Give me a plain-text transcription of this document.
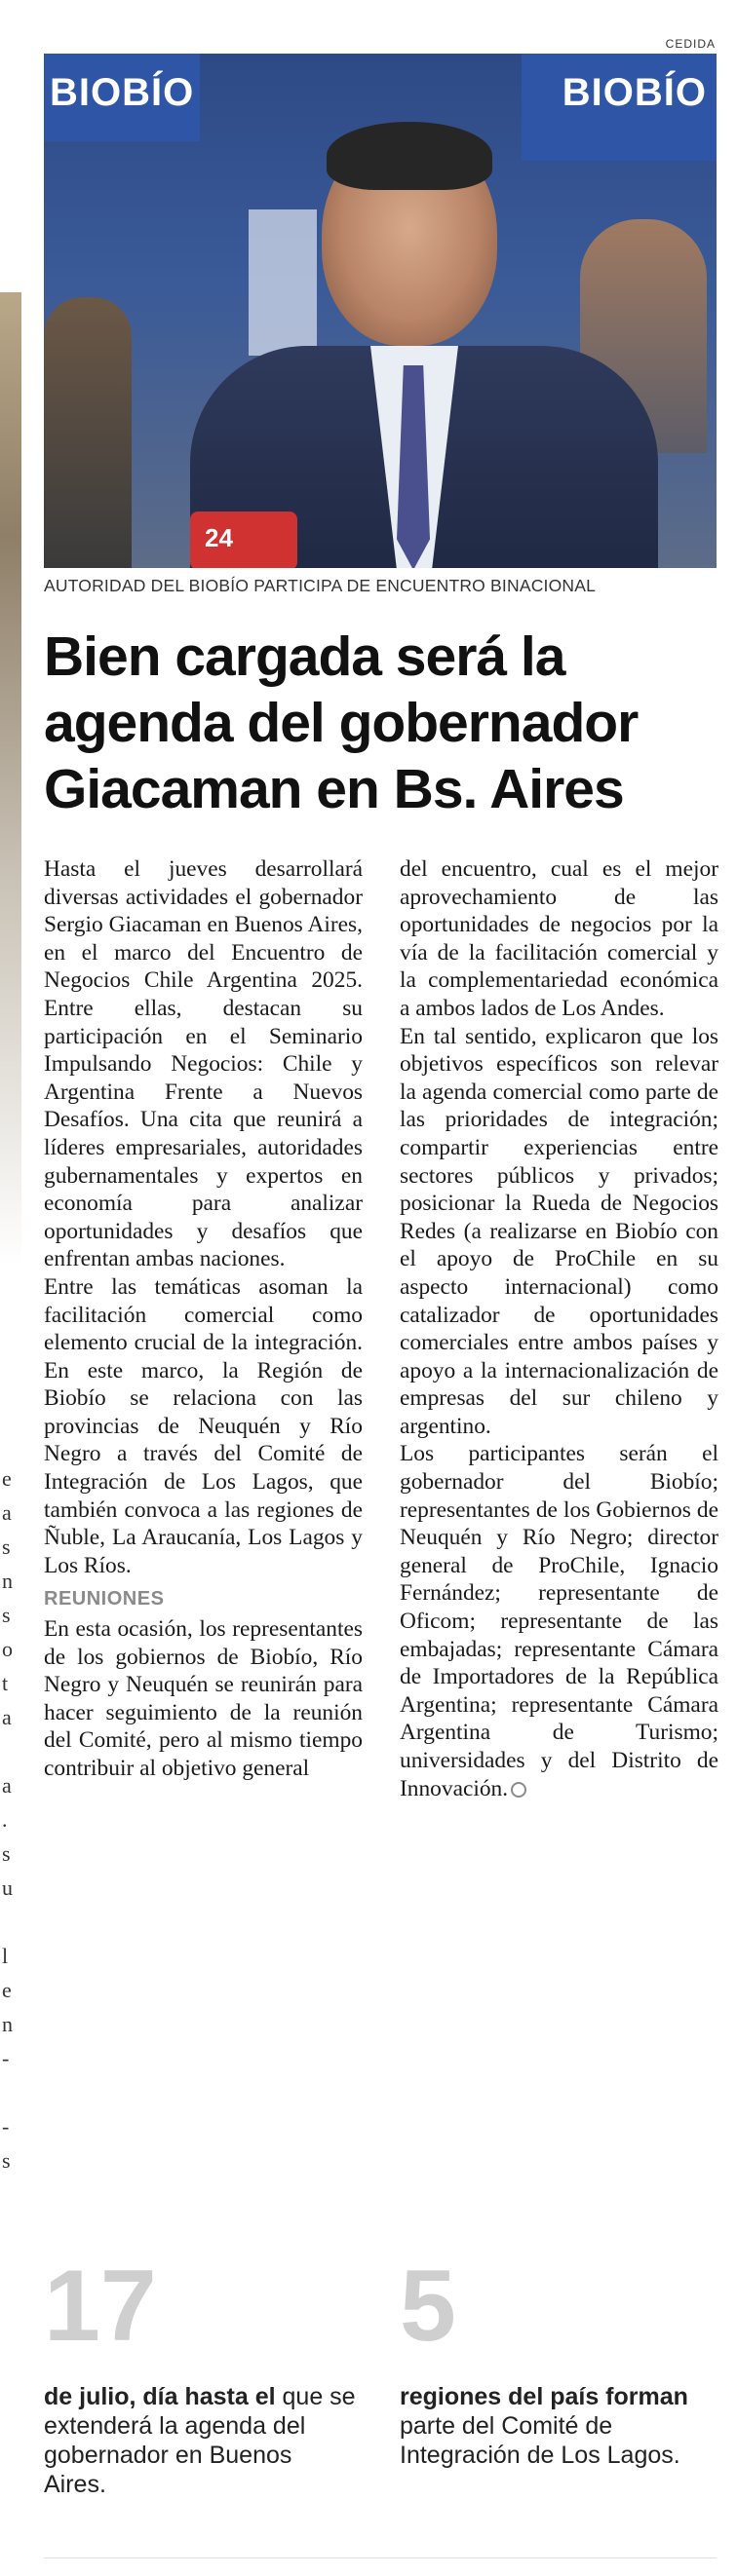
CEDIDA
e
a
s
n
s
o
t
a

a
.
s
u

l
e
n
-

-
s
BIOBÍO	BIOBÍO
24
AUTORIDAD DEL BIOBÍO PARTICIPA DE ENCUENTRO BINACIONAL
Bien cargada será la agenda del gobernador Giacaman en Bs. Aires

Hasta el jueves desarrollará diversas actividades el gobernador Sergio Giacaman en Buenos Aires, en el marco del Encuentro de Negocios Chile Argentina 2025. Entre ellas, destacan su participación en el Seminario Impulsando Negocios: Chile y Argentina Frente a Nuevos Desafíos. Una cita que reunirá a líderes empresariales, autoridades gubernamentales y expertos en economía para analizar oportunidades y desafíos que enfrentan ambas naciones.

Entre las temáticas asoman la facilitación comercial como elemento crucial de la integración. En este marco, la Región de Biobío se relaciona con las provincias de Neuquén y Río Negro a través del Comité de Integración de Los Lagos, que también convoca a las regiones de Ñuble, La Araucanía, Los Lagos y Los Ríos.

REUNIONES

En esta ocasión, los representantes de los gobiernos de Biobío, Río Negro y Neuquén se reunirán para hacer seguimiento de la reunión del Comité, pero al mismo tiempo contribuir al objetivo general

del encuentro, cual es el mejor aprovechamiento de las oportunidades de negocios por la vía de la facilitación comercial y la complementariedad económica a ambos lados de Los Andes.

En tal sentido, explicaron que los objetivos específicos son relevar la agenda comercial como parte de las prioridades de integración; compartir experiencias entre sectores públicos y privados; posicionar la Rueda de Negocios Redes (a realizarse en Biobío con el apoyo de ProChile en su aspecto internacional) como catalizador de oportunidades comerciales entre ambos países y apoyo a la internacionalización de empresas del sur chileno y argentino.

Los participantes serán el gobernador del Biobío; representantes de los Gobiernos de Neuquén y Río Negro; director general de ProChile, Ignacio Fernández; representante de Oficom; representante de las embajadas; representante Cámara de Importadores de la República Argentina; representante Cámara Argentina de Turismo; universidades y del Distrito de Innovación.

17
de julio, día hasta el que se extenderá la agenda del gobernador en Buenos Aires.
5
regiones del país forman parte del Comité de Integración de Los Lagos.
